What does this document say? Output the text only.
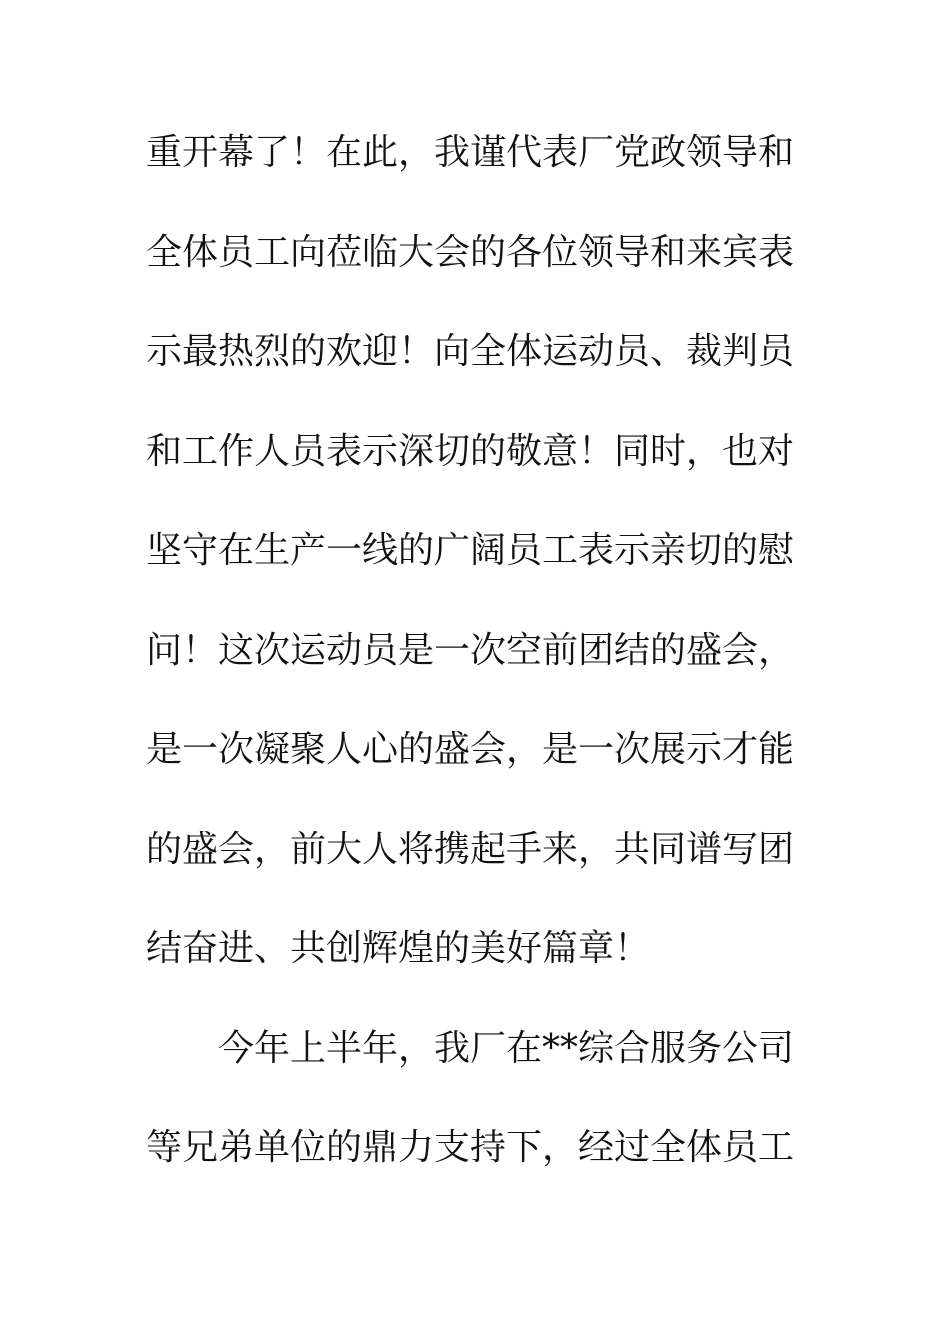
重开幕了！在此，我谨代表厂党政领导和
全体员工向莅临大会的各位领导和来宾表
示最热烈的欢迎！向全体运动员、裁判员
和工作人员表示深切的敬意！同时，也对
坚守在生产一线的广阔员工表示亲切的慰
问！这次运动员是一次空前团结的盛会，
是一次凝聚人心的盛会，是一次展示才能
的盛会，前大人将携起手来，共同谱写团
结奋进、共创辉煌的美好篇章！
今年上半年，我厂在**综合服务公司
等兄弟单位的鼎力支持下，经过全体员工
